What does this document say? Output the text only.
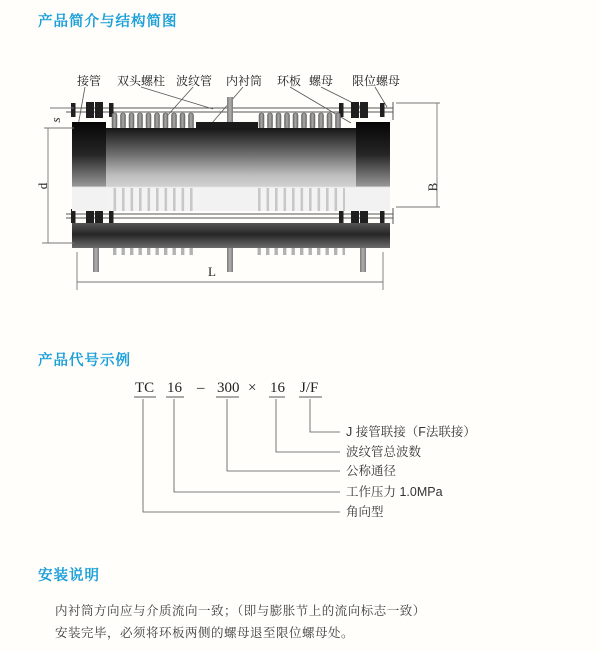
产品简介与结构简图
接管 双头螺柱 波纹管 内衬筒 环板 螺母 限位螺母
s
d	B
L
产品代号示例
TC 16 – 300 × 16 J/F
J 接管联接（F法联接）
波纹管总波数
公称通径
工作压力 1.0MPa
角向型
安装说明
内衬筒方向应与介质流向一致；（即与膨胀节上的流向标志一致）
安装完毕，必须将环板两侧的螺母退至限位螺母处。
